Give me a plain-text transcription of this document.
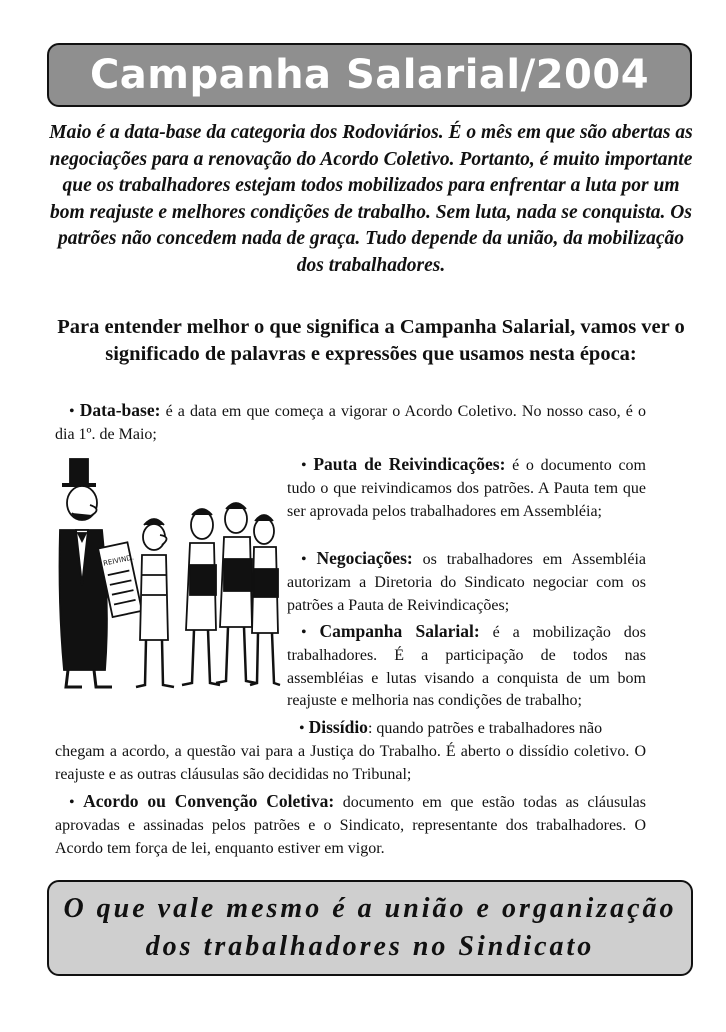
Campanha Salarial/2004

Maio é a data-base da categoria dos Rodoviários. É o mês em que são abertas as negociações para a renovação do Acordo Coletivo. Portanto, é muito importante que os trabalhadores estejam todos mobilizados para enfrentar a luta por um bom reajuste e melhores condições de trabalho. Sem luta, nada se conquista. Os patrões não concedem nada de graça. Tudo depende da união, da mobilização dos trabalhadores.

Para entender melhor o que significa a Campanha Salarial, vamos ver o significado de palavras e expressões que usamos nesta época:

• Data-base: é a data em que começa a vigorar o Acordo Coletivo. No nosso caso, é o dia 1º. de Maio;

REIVIND.

• Pauta de Reivindicações: é o documento com tudo o que reivindicamos dos patrões. A Pauta tem que ser aprovada pelos trabalhadores em Assembléia;

• Negociações: os trabalhadores em Assembléia autorizam a Diretoria do Sindicato negociar com os patrões a Pauta de Reivindicações;

• Campanha Salarial: é a mobilização dos trabalhadores. É a participação de todos nas assembléias e lutas visando a conquista de um bom reajuste e melhoria nas condições de trabalho;

• Dissídio: quando patrões e trabalhadores não
chegam a acordo, a questão vai para a Justiça do Trabalho. É aberto o dissídio coletivo. O reajuste e as outras cláusulas são decididas no Tribunal;

• Acordo ou Convenção Coletiva: documento em que estão todas as cláusulas aprovadas e assinadas pelos patrões e o Sindicato, representante dos trabalhadores. O Acordo tem força de lei, enquanto estiver em vigor.

O que vale mesmo é a união e organização
dos trabalhadores no Sindicato
